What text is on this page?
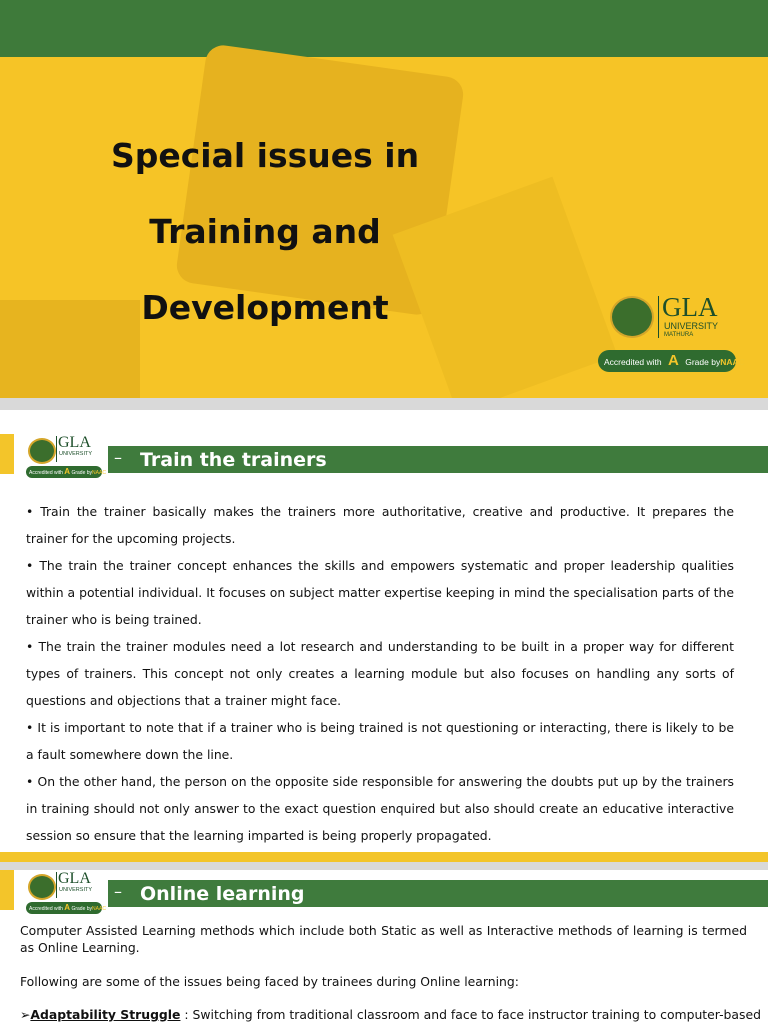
Special issues in
Training and
Development	GLA
UNIVERSITY
MATHURA
Accredited with A Grade byNAAC
GLA
UNIVERSITY
Accredited with A Grade byNAAC
– Train the trainers

• Train the trainer basically makes the trainers more authoritative, creative and productive. It prepares the trainer for the upcoming projects.

• The train the trainer concept enhances the skills and empowers systematic and proper leadership qualities within a potential individual. It focuses on subject matter expertise keeping in mind the specialisation parts of the trainer who is being trained.

• The train the trainer modules need a lot research and understanding to be built in a proper way for different types of trainers. This concept not only creates a learning module but also focuses on handling any sorts of questions and objections that a trainer might face.

• It is important to note that if a trainer who is being trained is not questioning or interacting, there is likely to be a fault somewhere down the line.

• On the other hand, the person on the opposite side responsible for answering the doubts put up by the trainers in training should not only answer to the exact question enquired but also should create an educative interactive session so ensure that the learning imparted is being properly propagated.

GLA
UNIVERSITY
Accredited with A Grade byNAAC
– Online learning

Computer Assisted Learning methods which include both Static as well as Interactive methods of learning is termed as Online Learning.

Following are some of the issues being faced by trainees during Online learning:

➢Adaptability Struggle : Switching from traditional classroom and face to face instructor training to computer-based
